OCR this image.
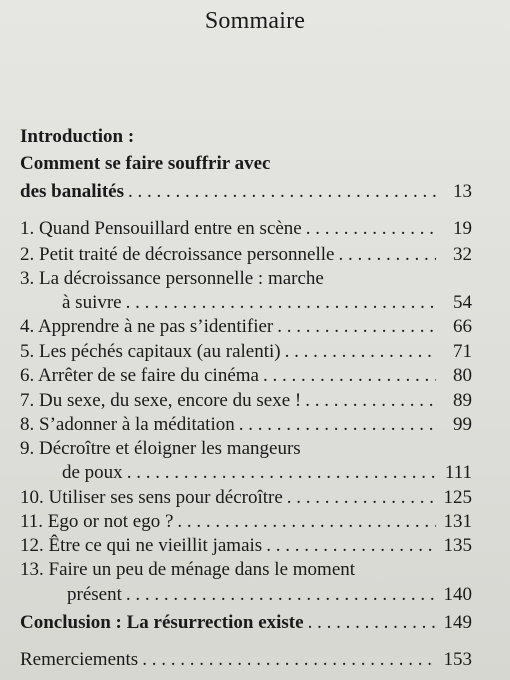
Sommaire
Introduction :
Comment se faire souffrir avec
des banalités . . .	13
1. Quand Pensouillard entre en scène . . .	19
2. Petit traité de décroissance personnelle . . .	32
3. La décroissance personnelle : marche
à suivre . . .	54
4. Apprendre à ne pas s’identifier . . .	66
5. Les péchés capitaux (au ralenti) . . .	71
6. Arrêter de se faire du cinéma . . .	80
7. Du sexe, du sexe, encore du sexe ! . . .	89
8. S’adonner à la méditation . . .	99
9. Décroître et éloigner les mangeurs
de poux . . .	111
10. Utiliser ses sens pour décroître . . .	125
11. Ego or not ego ? . . .	131
12. Être ce qui ne vieillit jamais . . .	135
13. Faire un peu de ménage dans le moment
présent . . .	140
Conclusion : La résurrection existe . . .	149
Remerciements . . .	153
